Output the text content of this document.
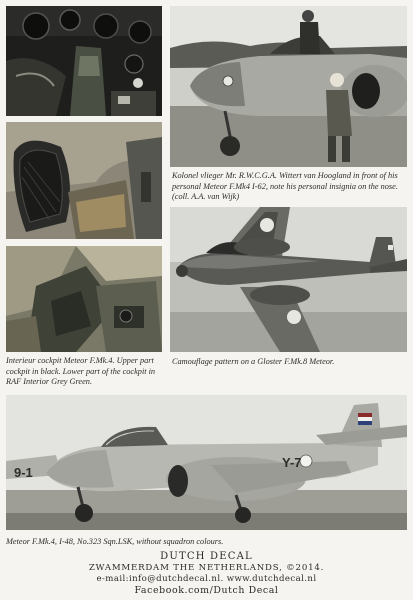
Interieur cockpit Meteor F.Mk.4. Upper part cockpit in black. Lower part of the cockpit in RAF Interior Grey Green.
Kolonel vlieger Mr. R.W.C.G.A. Wittert van Hoogland in front of his personal Meteor F.Mk4 I-62, note his personal insignia on the nose. (coll. A.A. van Wijk)
Camouflage pattern on a Gloster F.Mk.8 Meteor.
9-1
Y-7
Meteor F.Mk.4, I-48, No.323 Sqn.LSK, without squadron colours.
DUTCH DECAL
ZWAMMERDAM THE NETHERLANDS, ©2014.
e-mail:info@dutchdecal.nl. www.dutchdecal.nl
Facebook.com/Dutch Decal
